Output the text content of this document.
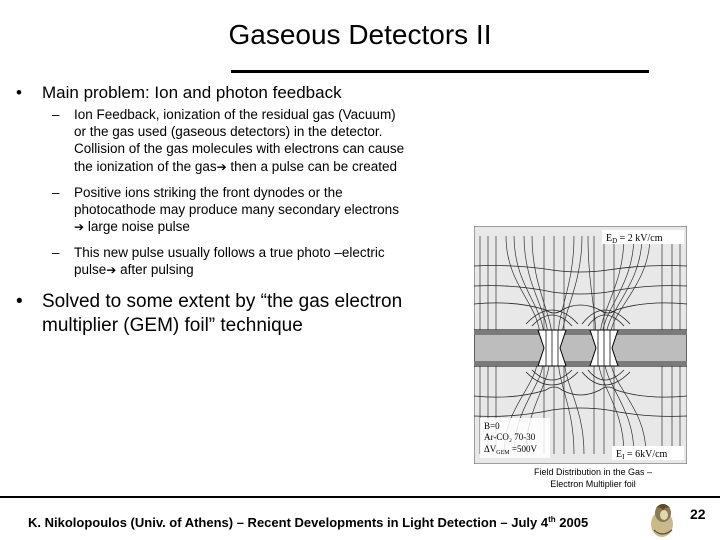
Gaseous Detectors II
• Main problem: Ion and photon feedback
– Ion Feedback, ionization of the residual gas (Vacuum)
or the gas used (gaseous detectors) in the detector.
Collision of the gas molecules with electrons can cause
the ionization of the gas➔ then a pulse can be created
– Positive ions striking the front dynodes or the
photocathode may produce many secondary electrons
➔ large noise pulse
– This new pulse usually follows a true photo –electric
pulse➔ after pulsing
• Solved to some extent by “the gas electron
multiplier (GEM) foil” technique
$E_D = 2$ kV/cm
B=0
Ar-CO₂ 70-30
$\Delta V_{GEM} =500V$	$E_I = 6kV/cm$
Field Distribution in the Gas –
Electron Multiplier foil
K. Nikolopoulos (Univ. of Athens) – Recent Developments in Light Detection – July 4th 2005
22
